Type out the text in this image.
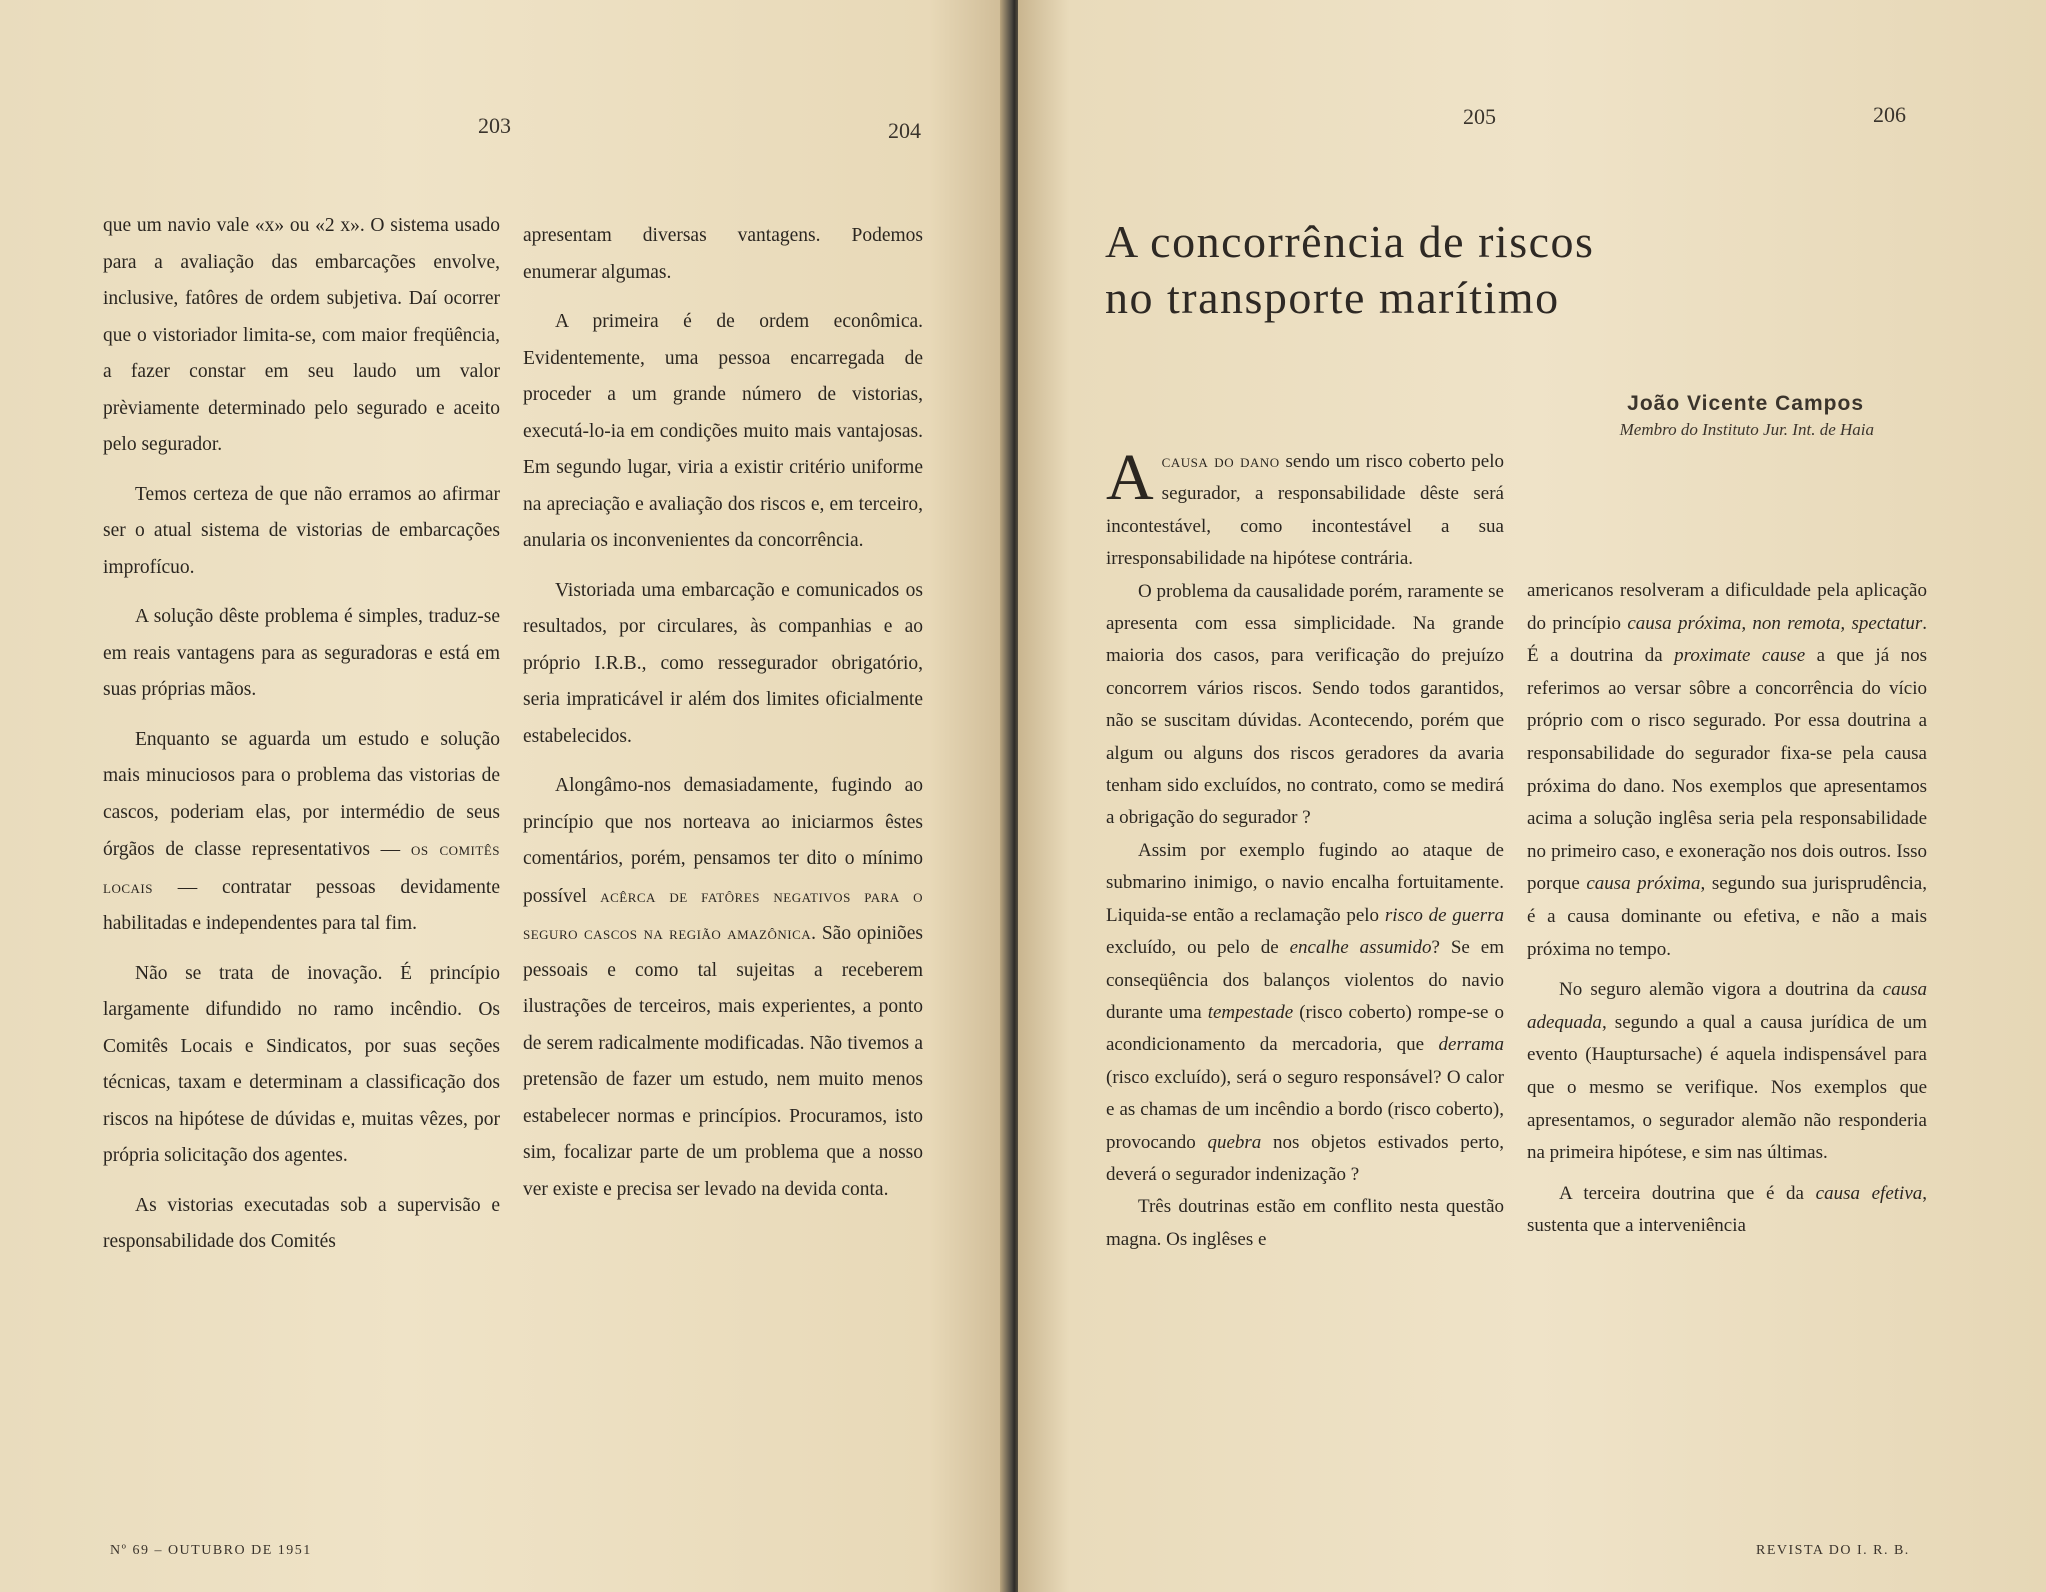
203	204

que um navio vale «x» ou «2 x». O sistema usado para a avaliação das embarcações envolve, inclusive, fatôres de ordem subjetiva. Daí ocorrer que o vistoriador limita-se, com maior freqüência, a fazer constar em seu laudo um valor prèviamente determinado pelo segurado e aceito pelo segurador.

Temos certeza de que não erramos ao afirmar ser o atual sistema de vistorias de embarcações improfícuo.

A solução dêste problema é simples, traduz-se em reais vantagens para as seguradoras e está em suas próprias mãos.

Enquanto se aguarda um estudo e solução mais minuciosos para o problema das vistorias de cascos, poderiam elas, por intermédio de seus órgãos de classe representativos — os comitês locais — contratar pessoas devidamente habilitadas e independentes para tal fim.

Não se trata de inovação. É princípio largamente difundido no ramo incêndio. Os Comitês Locais e Sindicatos, por suas seções técnicas, taxam e determinam a classificação dos riscos na hipótese de dúvidas e, muitas vêzes, por própria solicitação dos agentes.

As vistorias executadas sob a supervisão e responsabilidade dos Comités

apresentam diversas vantagens. Podemos enumerar algumas.

A primeira é de ordem econômica. Evidentemente, uma pessoa encarregada de proceder a um grande número de vistorias, executá-lo-ia em condições muito mais vantajosas. Em segundo lugar, viria a existir critério uniforme na apreciação e avaliação dos riscos e, em terceiro, anularia os inconvenientes da concorrência.

Vistoriada uma embarcação e comunicados os resultados, por circulares, às companhias e ao próprio I.R.B., como ressegurador obrigatório, seria impraticável ir além dos limites oficialmente estabelecidos.

Alongâmo-nos demasiadamente, fugindo ao princípio que nos norteava ao iniciarmos êstes comentários, porém, pensamos ter dito o mínimo possível acêrca de fatôres negativos para o seguro cascos na região amazônica. São opiniões pessoais e como tal sujeitas a receberem ilustrações de terceiros, mais experientes, a ponto de serem radicalmente modificadas. Não tivemos a pretensão de fazer um estudo, nem muito menos estabelecer normas e princípios. Procuramos, isto sim, focalizar parte de um problema que a nosso ver existe e precisa ser levado na devida conta.

Nº 69 – OUTUBRO DE 1951
205	206
A concorrência de riscos
no transporte marítimo
João Vicente Campos
Membro do Instituto Jur. Int. de Haia

Acausa do dano sendo um risco coberto pelo segurador, a responsabilidade dêste será incontestável, como incontestável a sua irresponsabilidade na hipótese contrária.

O problema da causalidade porém, raramente se apresenta com essa simplicidade. Na grande maioria dos casos, para verificação do prejuízo concorrem vários riscos. Sendo todos garantidos, não se suscitam dúvidas. Acontecendo, porém que algum ou alguns dos riscos geradores da avaria tenham sido excluídos, no contrato, como se medirá a obrigação do segurador ?

Assim por exemplo fugindo ao ataque de submarino inimigo, o navio encalha fortuitamente. Liquida-se então a reclamação pelo risco de guerra excluído, ou pelo de encalhe assumido? Se em conseqüência dos balanços violentos do navio durante uma tempestade (risco coberto) rompe-se o acondicionamento da mercadoria, que derrama (risco excluído), será o seguro responsável? O calor e as chamas de um incêndio a bordo (risco coberto), provocando quebra nos objetos estivados perto, deverá o segurador indenização ?

Três doutrinas estão em conflito nesta questão magna. Os inglêses e

americanos resolveram a dificuldade pela aplicação do princípio causa próxima, non remota, spectatur. É a doutrina da proximate cause a que já nos referimos ao versar sôbre a concorrência do vício próprio com o risco segurado. Por essa doutrina a responsabilidade do segurador fixa-se pela causa próxima do dano. Nos exemplos que apresentamos acima a solução inglêsa seria pela responsabilidade no primeiro caso, e exoneração nos dois outros. Isso porque causa próxima, segundo sua jurisprudência, é a causa dominante ou efetiva, e não a mais próxima no tempo.

No seguro alemão vigora a doutrina da causa adequada, segundo a qual a causa jurídica de um evento (Hauptursache) é aquela indispensável para que o mesmo se verifique. Nos exemplos que apresentamos, o segurador alemão não responderia na primeira hipótese, e sim nas últimas.

A terceira doutrina que é da causa efetiva, sustenta que a interveniência

REVISTA DO I. R. B.
